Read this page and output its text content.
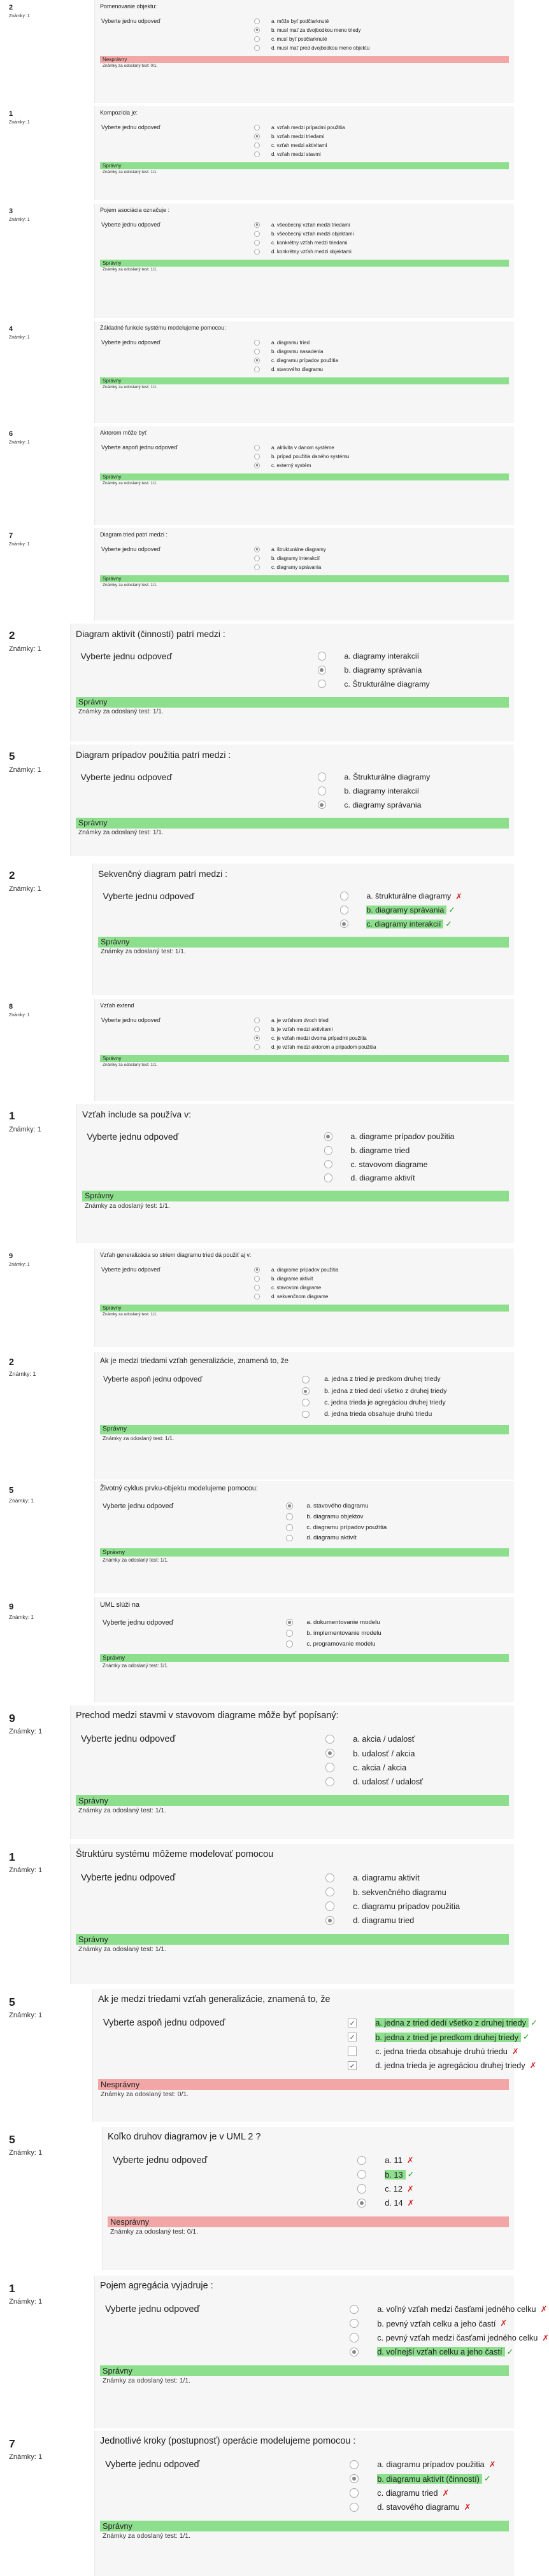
2
Známky: 1
Pomenovanie objektu:
Vyberte jednu odpoveď	a. môže byť podčiarknuté
b. musí mať za dvojbodkou meno triedy
c. musí byť podčiarknuté
d. musí mať pred dvojbodkou meno objektu
Nesprávny
Známky za odoslaný test: 0/1.
1
Známky: 1
Kompozícia je:
Vyberte jednu odpoveď	a. vzťah medzi prípadmi použitia
b. vzťah medzi triedami
c. vzťah medzi aktivitami
d. vzťah medzi stavmi
Správny
Známky za odoslaný test: 1/1.
3
Známky: 1
Pojem asociácia označuje :
Vyberte jednu odpoveď	a. všeobecný vzťah medzi triedami
b. všeobecný vzťah medzi objektami
c. konkrétny vzťah medzi triedami
d. konkrétny vzťah medzi objektami
Správny
Známky za odoslaný test: 1/1.
4
Známky: 1
Základné funkcie systému modelujeme pomocou:
Vyberte jednu odpoveď	a. diagramu tried
b. diagramu nasadenia
c. diagramu prípadov použitia
d. stavového diagramu
Správny
Známky za odoslaný test: 1/1.
6
Známky: 1
Aktorom môže byť
Vyberte aspoň jednu odpoveď	a. aktivita v danom systéme
b. prípad použitia daného systému
c. externý systém
Správny
Známky za odoslaný test: 1/1.
7
Známky: 1
Diagram tried patrí medzi :
Vyberte jednu odpoveď	a. štrukturálne diagramy
b. diagramy interakcií
c. diagramy správania
Správny
Známky za odoslaný test: 1/1.
2
Známky: 1
Diagram aktivít (činností) patrí medzi :
Vyberte jednu odpoveď	a. diagramy interakcií
b. diagramy správania
c. Štrukturálne diagramy
Správny
Známky za odoslaný test: 1/1.
5
Známky: 1
Diagram prípadov použitia patrí medzi :
Vyberte jednu odpoveď	a. Štrukturálne diagramy
b. diagramy interakcií
c. diagramy správania
Správny
Známky za odoslaný test: 1/1.
2
Známky: 1
Sekvenčný diagram patrí medzi :
Vyberte jednu odpoveď	a. štrukturálne diagramy ✗
b. diagramy správania ✓
c. diagramy interakcií ✓
Správny
Známky za odoslaný test: 1/1.
8
Známky: 1
Vzťah extend
Vyberte jednu odpoveď	a. je vzťahom dvoch tried
b. je vzťah medzi aktivitami
c. je vzťah medzi dvoma prípadmi použitia
d. je vzťah medzi aktorom a prípadom použitia
Správny
Známky za odoslaný test: 1/1.
1
Známky: 1
Vzťah include sa používa v:
Vyberte jednu odpoveď	a. diagrame prípadov použitia
b. diagrame tried
c. stavovom diagrame
d. diagrame aktivít
Správny
Známky za odoslaný test: 1/1.
9
Známky: 1
Vzťah generalizácia so striem diagramu tried dá použiť aj v:
Vyberte jednu odpoveď	a. diagrame prípadov použitia
b. diagrame aktivít
c. stavovom diagrame
d. sekvenčnom diagrame
Správny
Známky za odoslaný test: 1/1.
2
Známky: 1
Ak je medzi triedami vzťah generalizácie, znamená to, že
Vyberte aspoň jednu odpoveď	a. jedna z tried je predkom druhej triedy
b. jedna z tried dedí všetko z druhej triedy
c. jedna trieda je agregáciou druhej triedy
d. jedna trieda obsahuje druhú triedu
Správny
Známky za odoslaný test: 1/1.
5
Známky: 1
Životný cyklus prvku-objektu modelujeme pomocou:
Vyberte jednu odpoveď	a. stavového diagramu
b. diagramu objektov
c. diagramu prípadov použitia
d. diagramu aktivít
Správny
Známky za odoslaný test: 1/1.
9
Známky: 1
UML slúži na
Vyberte jednu odpoveď	a. dokumentovanie modelu
b. implementovanie modelu
c. programovanie modelu
Správny
Známky za odoslaný test: 1/1.
9
Známky: 1
Prechod medzi stavmi v stavovom diagrame môže byť popísaný:
Vyberte jednu odpoveď	a. akcia / udalosť
b. udalosť / akcia
c. akcia / akcia
d. udalosť / udalosť
Správny
Známky za odoslaný test: 1/1.
1
Známky: 1
Štruktúru systému môžeme modelovať pomocou
Vyberte jednu odpoveď	a. diagramu aktivít
b. sekvenčného diagramu
c. diagramu prípadov použitia
d. diagramu tried
Správny
Známky za odoslaný test: 1/1.
5
Známky: 1
Ak je medzi triedami vzťah generalizácie, znamená to, že
Vyberte aspoň jednu odpoveď	✓ a. jedna z tried dedí všetko z druhej triedy ✓
✓ b. jedna z tried je predkom druhej triedy ✓
c. jedna trieda obsahuje druhú triedu ✗
✓ d. jedna trieda je agregáciou druhej triedy ✗
Nesprávny
Známky za odoslaný test: 0/1.
5
Známky: 1
Koľko druhov diagramov je v UML 2 ?
Vyberte jednu odpoveď	a. 11 ✗
b. 13 ✓
c. 12 ✗
d. 14 ✗
Nesprávny
Známky za odoslaný test: 0/1.
1
Známky: 1
Pojem agregácia vyjadruje :
Vyberte jednu odpoveď	a. voľný vzťah medzi časťami jedného celku ✗
b. pevný vzťah celku a jeho častí ✗
c. pevný vzťah medzi časťami jedného celku ✗
d. voľnejší vzťah celku a jeho častí ✓
Správny
Známky za odoslaný test: 1/1.
7
Známky: 1
Jednotlivé kroky (postupnosť) operácie modelujeme pomocou :
Vyberte jednu odpoveď	a. diagramu prípadov použitia ✗
b. diagramu aktivít (činností) ✓
c. diagramu tried ✗
d. stavového diagramu ✗
Správny
Známky za odoslaný test: 1/1.
